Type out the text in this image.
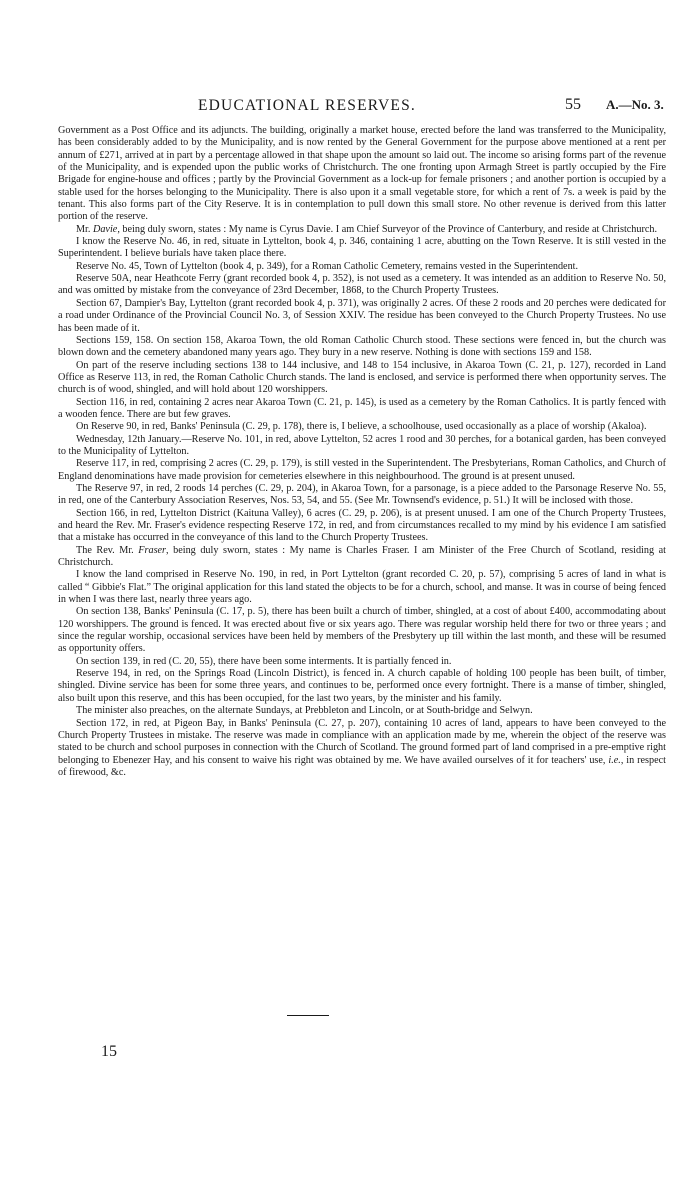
EDUCATIONAL RESERVES.	55 A.—No. 3.

Government as a Post Office and its adjuncts. The building, originally a market house, erected before the land was transferred to the Municipality, has been considerably added to by the Municipality, and is now rented by the General Government for the purpose above mentioned at a rent per annum of £271, arrived at in part by a percentage allowed in that shape upon the amount so laid out. The income so arising forms part of the revenue of the Municipality, and is expended upon the public works of Christchurch. The one fronting upon Armagh Street is partly occupied by the Fire Brigade for engine-house and offices ; partly by the Provincial Government as a lock-up for female prisoners ; and another portion is occupied by a stable used for the horses belonging to the Municipality. There is also upon it a small vegetable store, for which a rent of 7s. a week is paid by the tenant. This also forms part of the City Reserve. It is in contemplation to pull down this small store. No other revenue is derived from this latter portion of the reserve.

Mr. Davie, being duly sworn, states : My name is Cyrus Davie. I am Chief Surveyor of the Province of Canterbury, and reside at Christchurch.

I know the Reserve No. 46, in red, situate in Lyttelton, book 4, p. 346, containing 1 acre, abutting on the Town Reserve. It is still vested in the Superintendent. I believe burials have taken place there.

Reserve No. 45, Town of Lyttelton (book 4, p. 349), for a Roman Catholic Cemetery, remains vested in the Superintendent.

Reserve 50A, near Heathcote Ferry (grant recorded book 4, p. 352), is not used as a cemetery. It was intended as an addition to Reserve No. 50, and was omitted by mistake from the conveyance of 23rd December, 1868, to the Church Property Trustees.

Section 67, Dampier's Bay, Lyttelton (grant recorded book 4, p. 371), was originally 2 acres. Of these 2 roods and 20 perches were dedicated for a road under Ordinance of the Provincial Council No. 3, of Session XXIV. The residue has been conveyed to the Church Property Trustees. No use has been made of it.

Sections 159, 158. On section 158, Akaroa Town, the old Roman Catholic Church stood. These sections were fenced in, but the church was blown down and the cemetery abandoned many years ago. They bury in a new reserve. Nothing is done with sections 159 and 158.

On part of the reserve including sections 138 to 144 inclusive, and 148 to 154 inclusive, in Akaroa Town (C. 21, p. 127), recorded in Land Office as Reserve 113, in red, the Roman Catholic Church stands. The land is enclosed, and service is performed there when opportunity serves. The church is of wood, shingled, and will hold about 120 worshippers.

Section 116, in red, containing 2 acres near Akaroa Town (C. 21, p. 145), is used as a cemetery by the Roman Catholics. It is partly fenced with a wooden fence. There are but few graves.

On Reserve 90, in red, Banks' Peninsula (C. 29, p. 178), there is, I believe, a schoolhouse, used occasionally as a place of worship (Akaloa).

Wednesday, 12th January.—Reserve No. 101, in red, above Lyttelton, 52 acres 1 rood and 30 perches, for a botanical garden, has been conveyed to the Municipality of Lyttelton.

Reserve 117, in red, comprising 2 acres (C. 29, p. 179), is still vested in the Superintendent. The Presbyterians, Roman Catholics, and Church of England denominations have made provision for cemeteries elsewhere in this neighbourhood. The ground is at present unused.

The Reserve 97, in red, 2 roods 14 perches (C. 29, p. 204), in Akaroa Town, for a parsonage, is a piece added to the Parsonage Reserve No. 55, in red, one of the Canterbury Association Reserves, Nos. 53, 54, and 55. (See Mr. Townsend's evidence, p. 51.) It will be inclosed with those.

Section 166, in red, Lyttelton District (Kaituna Valley), 6 acres (C. 29, p. 206), is at present unused. I am one of the Church Property Trustees, and heard the Rev. Mr. Fraser's evidence respecting Reserve 172, in red, and from circumstances recalled to my mind by his evidence I am satisfied that a mistake has occurred in the conveyance of this land to the Church Property Trustees.

The Rev. Mr. Fraser, being duly sworn, states : My name is Charles Fraser. I am Minister of the Free Church of Scotland, residing at Christchurch.

I know the land comprised in Reserve No. 190, in red, in Port Lyttelton (grant recorded C. 20, p. 57), comprising 5 acres of land in what is called “ Gibbie's Flat.” The original application for this land stated the objects to be for a church, school, and manse. It was in course of being fenced in when I was there last, nearly three years ago.

On section 138, Banks' Peninsula (C. 17, p. 5), there has been built a church of timber, shingled, at a cost of about £400, accommodating about 120 worshippers. The ground is fenced. It was erected about five or six years ago. There was regular worship held there for two or three years ; and since the regular worship, occasional services have been held by members of the Presbytery up till within the last month, and these will be resumed as opportunity offers.

On section 139, in red (C. 20, 55), there have been some interments. It is partially fenced in.

Reserve 194, in red, on the Springs Road (Lincoln District), is fenced in. A church capable of holding 100 people has been built, of timber, shingled. Divine service has been for some three years, and continues to be, performed once every fortnight. There is a manse of timber, shingled, also built upon this reserve, and this has been occupied, for the last two years, by the minister and his family.

The minister also preaches, on the alternate Sundays, at Prebbleton and Lincoln, or at South-bridge and Selwyn.

Section 172, in red, at Pigeon Bay, in Banks' Peninsula (C. 27, p. 207), containing 10 acres of land, appears to have been conveyed to the Church Property Trustees in mistake. The reserve was made in compliance with an application made by me, wherein the object of the reserve was stated to be church and school purposes in connection with the Church of Scotland. The ground formed part of land comprised in a pre-emptive right belonging to Ebenezer Hay, and his consent to waive his right was obtained by me. We have availed ourselves of it for teachers' use, i.e., in respect of firewood, &c.

15
